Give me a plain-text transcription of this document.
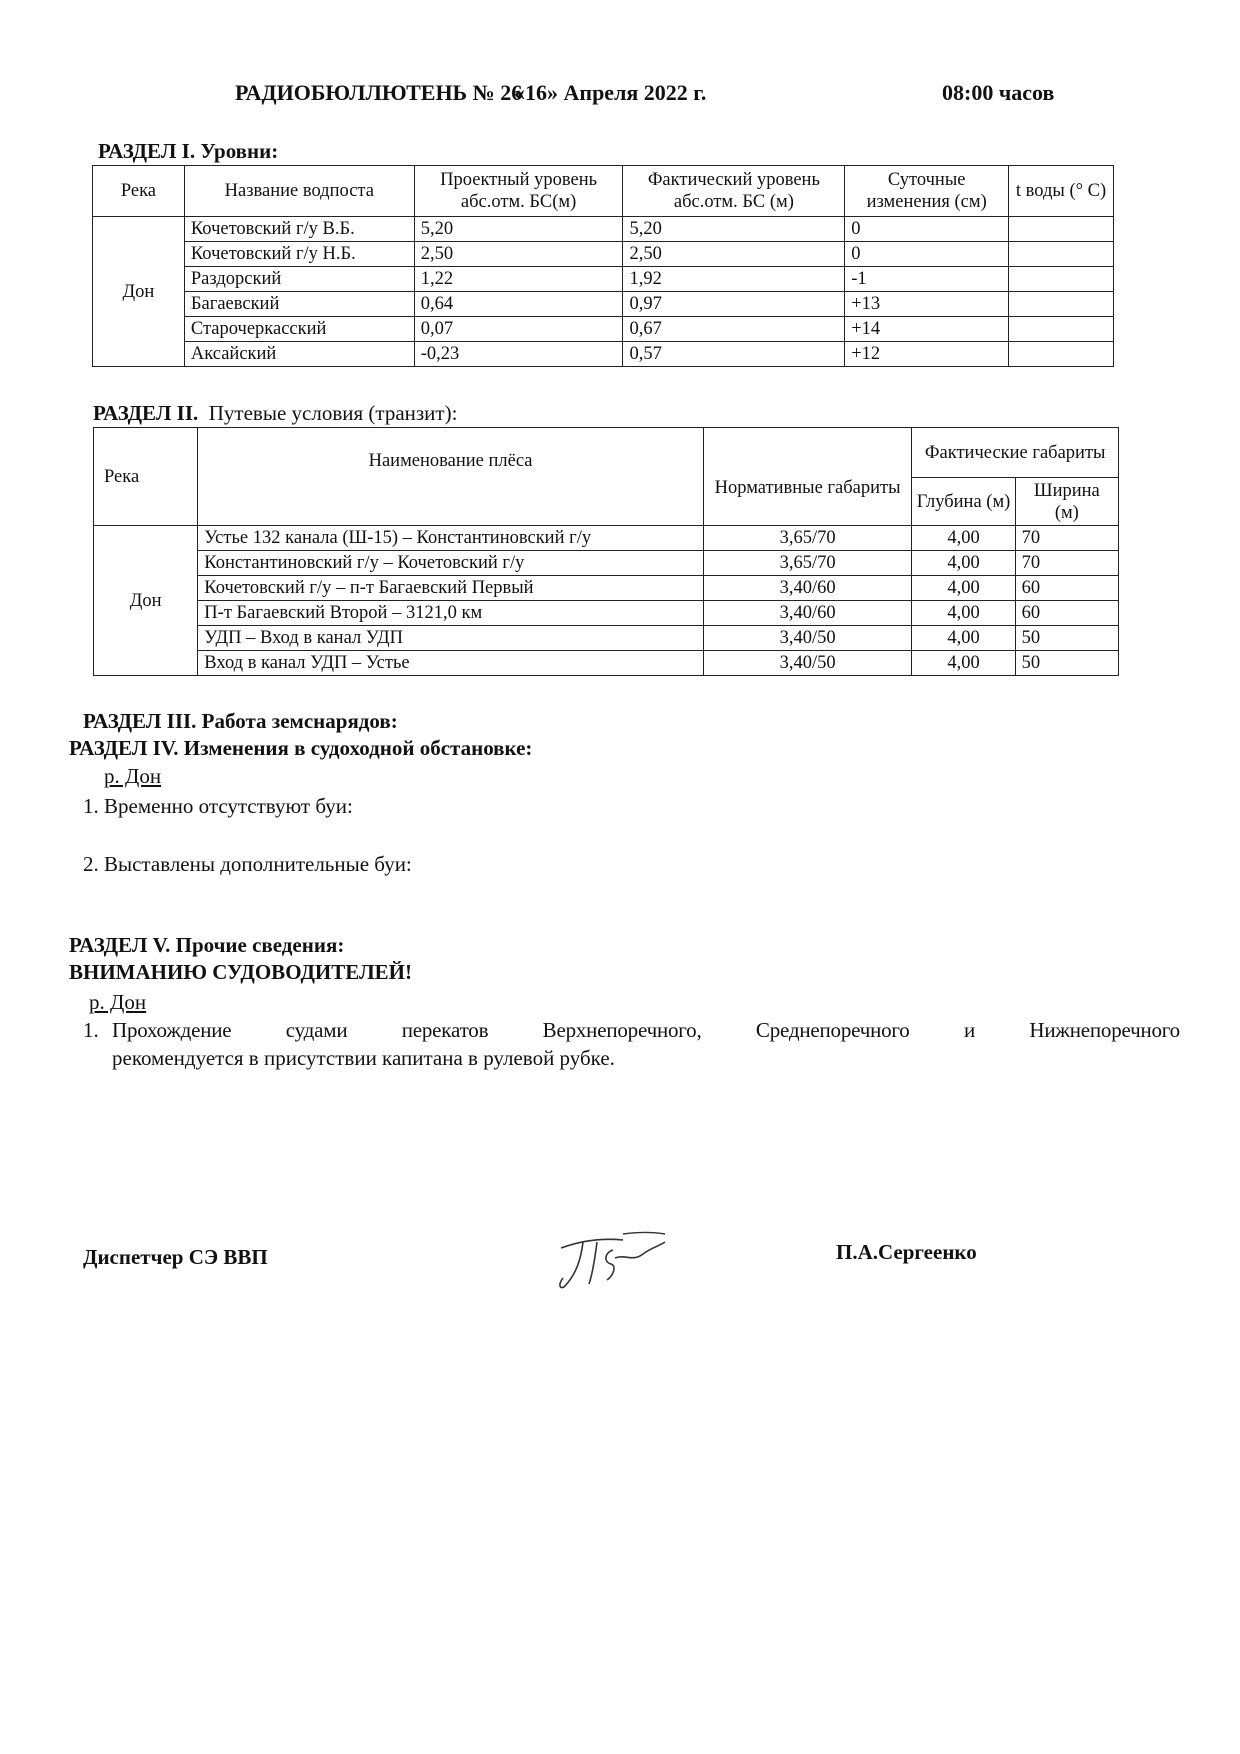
РАДИОБЮЛЛЮТЕНЬ № 26
«16» Апреля 2022 г.	08:00 часов
РАЗДЕЛ I. Уровни:
Река	Название водпоста	Проектный уровень абс.отм. БС(м)	Фактический уровень абс.отм. БС (м)	Суточные изменения (см)	t воды (° С)
Дон	Кочетовский г/у В.Б.	5,20	5,20	0	
	Кочетовский г/у Н.Б.	2,50	2,50	0	
	Раздорский	1,22	1,92	-1	
	Багаевский	0,64	0,97	+13	
	Старочеркасский	0,07	0,67	+14	
	Аксайский	-0,23	0,57	+12	
РАЗДЕЛ II. Путевые условия (транзит):
Река	Наименование плёса	Нормативные габариты	Фактические габариты	
			Глубина (м)	Ширина (м)
Дон	Устье 132 канала (Ш-15) – Константиновский г/у	3,65/70	4,00	70
	Константиновский г/у – Кочетовский г/у	3,65/70	4,00	70
	Кочетовский г/у – п-т Багаевский Первый	3,40/60	4,00	60
	П-т Багаевский Второй – 3121,0 км	3,40/60	4,00	60
	УДП – Вход в канал УДП	3,40/50	4,00	50
	Вход в канал УДП – Устье	3,40/50	4,00	50
РАЗДЕЛ III. Работа земснарядов:
РАЗДЕЛ IV. Изменения в судоходной обстановке:
р. Дон
1. Временно отсутствуют буи:
2. Выставлены дополнительные буи:
РАЗДЕЛ V. Прочие сведения:
ВНИМАНИЮ СУДОВОДИТЕЛЕЙ!
р. Дон
1. Прохождение судами перекатов Верхнепоречного, Среднепоречного и Нижнепоречного
рекомендуется в присутствии капитана в рулевой рубке.
Диспетчер СЭ ВВП	П.А.Сергеенко
